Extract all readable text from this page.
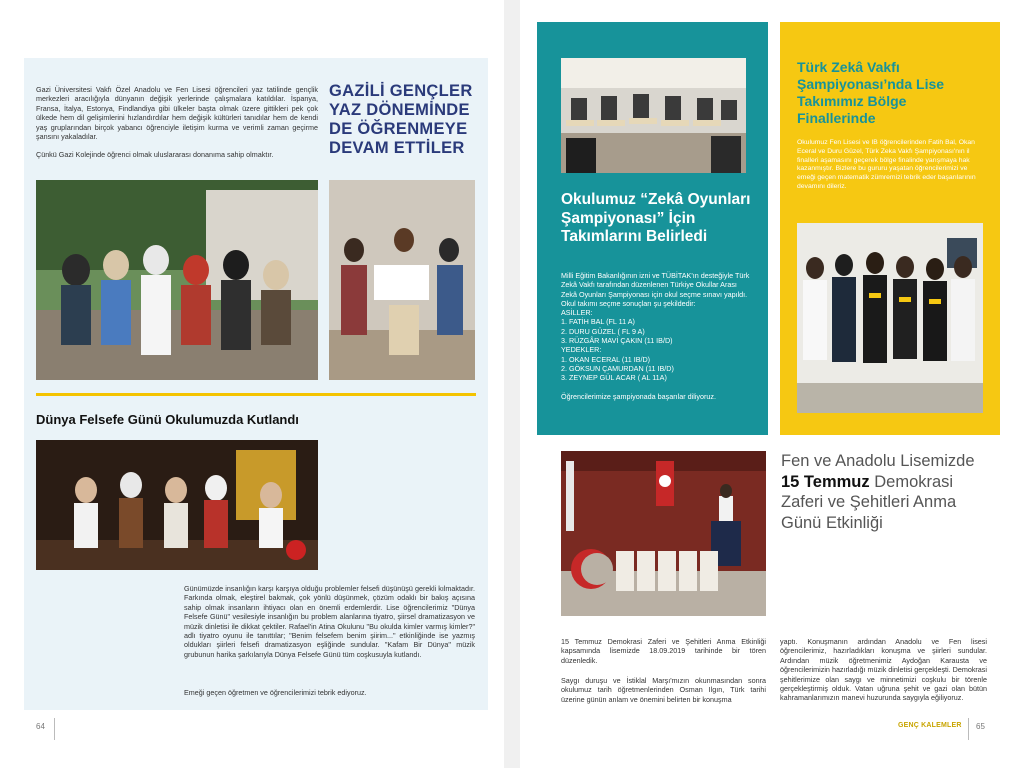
Gazi Üniversitesi Vakfı Özel Anadolu ve Fen Lisesi öğrencileri yaz tatilinde gençlik merkezleri aracılığıyla dünyanın değişik yerlerinde çalışmalara katıldılar. İspanya, Fransa, İtalya, Estonya, Findlandiya gibi ülkeler başta olmak üzere gittikleri pek çok ülkede hem dil gelişimlerini hızlandırdılar hem değişik kültürleri tanıdılar hem de kendi yaş gruplarından birçok yabancı öğrenciyle iletişim kurma ve verimli zaman geçirme şansını yakaladılar.
Çünkü Gazi Kolejinde öğrenci olmak uluslararası donanıma sahip olmaktır.
GAZİLİ GENÇLER YAZ DÖNEMİNDE DE ÖĞRENMEYE DEVAM ETTİLER
Dünya Felsefe Günü Okulumuzda Kutlandı
Günümüzde insanlığın karşı karşıya olduğu problemler felsefi düşünüşü gerekli kılmaktadır. Farkında olmak, eleştirel bakmak, çok yönlü düşünmek, çözüm odaklı bir bakış açısına sahip olmak insanların ihtiyacı olan en önemli erdemlerdir. Lise öğrencilerimiz "Dünya Felsefe Günü" vesilesiyle insanlığın bu problem alanlarına tiyatro, şiirsel dramatizasyon ve müzik dinletisi ile dikkat çektiler. Rafael'in Atina Okulunu "Bu okulda kimler varmış kimler?" adlı tiyatro oyunu ile tanıttılar; "Benim felsefem benim şiirim..." etkinliğinde ise yazmış oldukları şiirleri felsefi dramatizasyon eşliğinde sundular. "Kafam Bir Dünya" müzik grubunun harika şarkılarıyla Dünya Felsefe Günü tüm coşkusuyla kutlandı.
Emeği geçen öğretmen ve öğrencilerimizi tebrik ediyoruz.
64
Okulumuz “Zekâ Oyunları Şampiyonası” İçin Takımlarını Belirledi
Milli Eğitim Bakanlığının izni ve TÜBİTAK'ın desteğiyle Türk Zekâ Vakfı tarafından düzenlenen Türkiye Okullar Arası Zekâ Oyunları Şampiyonası için okul seçme sınavı yapıldı.
Okul takımı seçme sonuçları şu şekildedir:
ASİLLER:
1. FATİH BAL (FL 11 A)
2. DURU GÜZEL ( FL 9 A)
3. RÜZGÂR MAVİ ÇAKIN (11 IB/D)
YEDEKLER:
1. OKAN ECERAL (11 IB/D)
2. GÖKSUN ÇAMURDAN (11 IB/D)
3. ZEYNEP GÜL ACAR ( AL 11A)
Öğrencilerimize şampiyonada başarılar diliyoruz.
Türk Zekâ Vakfı Şampiyonası’nda Lise Takımımız Bölge Finallerinde
Okulumuz Fen Lisesi ve IB öğrencilerinden Fatih Bal, Okan Eceral ve Duru Güzel, Türk Zeka Vakfı Şampiyonası'nın il finalleri aşamasını geçerek bölge finalinde yarışmaya hak kazanmıştır. Bizlere bu gururu yaşatan öğrencilerimizi ve emeği geçen matematik zümremizi tebrik eder başarılarının devamını dileriz.
Fen ve Anadolu Lisemizde 15 Temmuz Demokrasi Zaferi ve Şehitleri Anma Günü Etkinliği
15 Temmuz Demokrasi Zaferi ve Şehitleri Anma Etkinliği kapsamında lisemizde 18.09.2019 tarihinde bir tören düzenledik.
Saygı duruşu ve İstiklal Marşı'mızın okunmasından sonra okulumuz tarih öğretmenlerinden Osman Ilgın, Türk tarihi üzerine günün anlam ve önemini belirten bir konuşma
yaptı. Konuşmanın ardından Anadolu ve Fen lisesi öğrencilerimiz, hazırladıkları konuşma ve şiirleri sundular. Ardından müzik öğretmenimiz Aydoğan Karausta ve öğrencilerimizin hazırladığı müzik dinletisi gerçekleşti. Demokrasi şehitlerimize olan saygı ve minnetimizi coşkulu bir törenle gerçekleştirmiş olduk. Vatan uğruna şehit ve gazi olan bütün kahramanlarımızın manevi huzurunda saygıyla eğiliyoruz.
GENÇ KALEMLER 65
